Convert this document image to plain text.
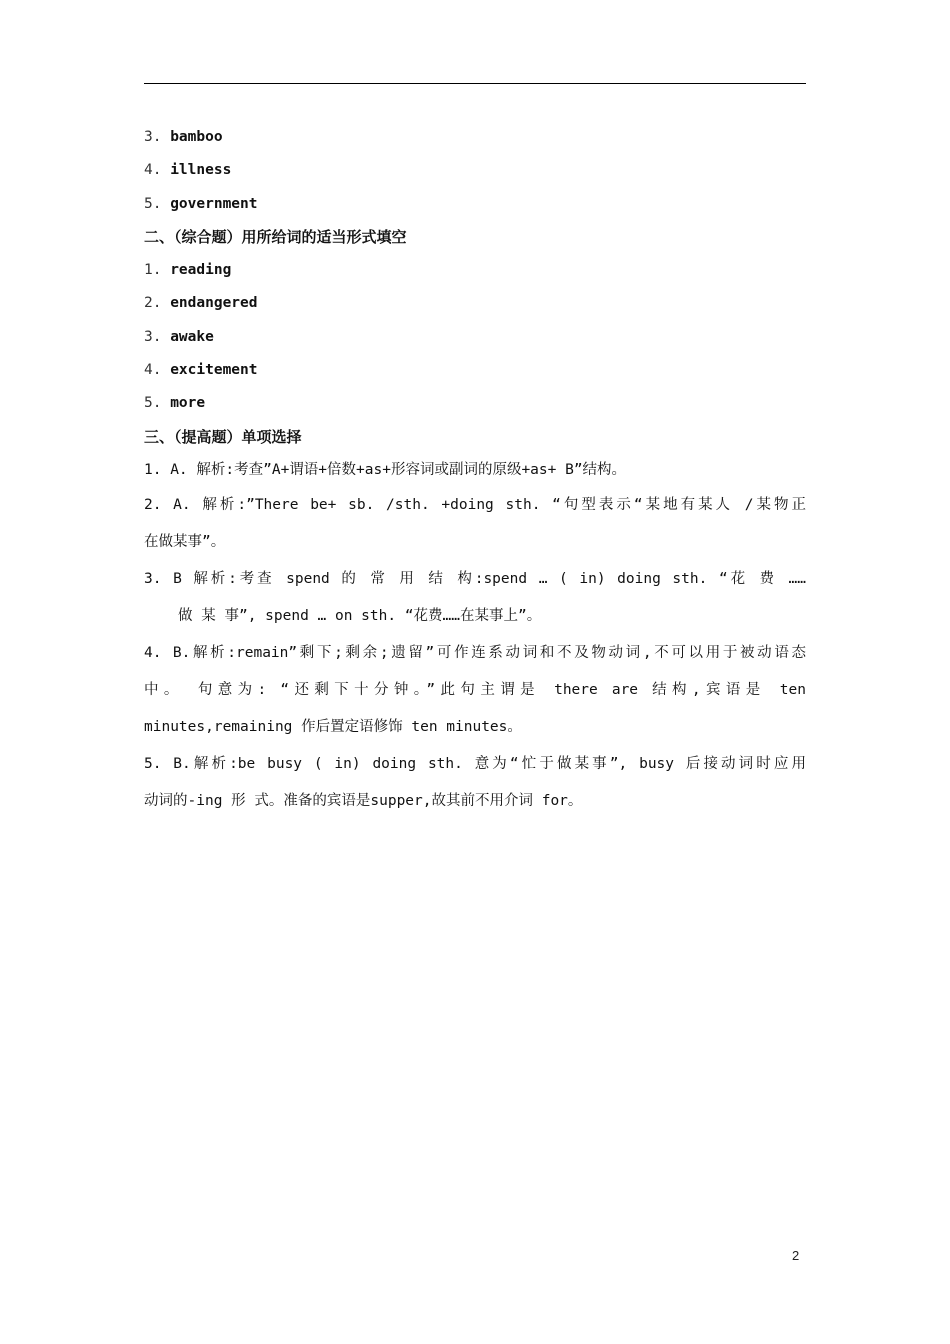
3. bamboo
4. illness
5. government
二、（综合题）用所给词的适当形式填空
1. reading
2. endangered
3. awake
4. excitement
5. more
三、（提高题）单项选择
1. A. 解析:考查”A+谓语+倍数+as+形容词或副词的原级+as+ B”结构。
2. A. 解析:”There be+ sb. /sth. +doing sth. “句型表示“某地有某人 /某物正
在做某事”。
3. B 解析:考查 spend 的 常 用 结 构:spend … ( in) doing sth. “花 费 ……
做 某 事”, spend … on sth. “花费……在某事上”。
4. B.解析:remain”剩下;剩余;遗留”可作连系动词和不及物动词,不可以用于被动语态
中。 句意为: “还剩下十分钟。”此句主谓是 there are 结构,宾语是 ten
minutes,remaining 作后置定语修饰 ten minutes。
5. B.解析:be busy ( in) doing sth. 意为“忙于做某事”, busy 后接动词时应用
动词的-ing 形 式。准备的宾语是supper,故其前不用介词 for。
2
